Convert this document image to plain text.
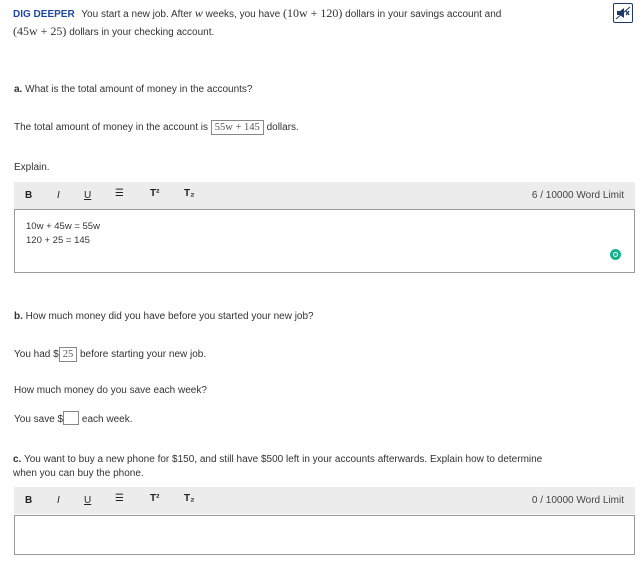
DIG DEEPER You start a new job. After w weeks, you have (10w + 120) dollars in your savings account and
(45w + 25) dollars in your checking account.
a. What is the total amount of money in the accounts?
The total amount of money in the account is 55w + 145 dollars.
Explain.
B I U ☰	T² T₂	6 / 10000 Word Limit
10w + 45w = 55w
120 + 25 = 145
b. How much money did you have before you started your new job?
You had $ 25 before starting your new job.
How much money do you save each week?
You save $ each week.
c. You want to buy a new phone for $150, and still have $500 left in your accounts afterwards. Explain how to determine
when you can buy the phone.
B I U ☰	T² T₂	0 / 10000 Word Limit
